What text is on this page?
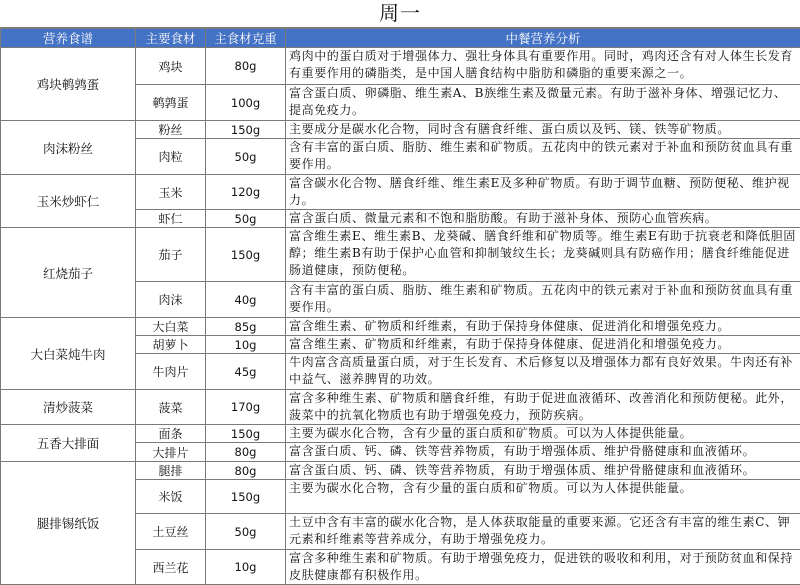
周一
营养食谱	主要食材	主食材克重	中餐营养分析
鸡块鹌鹑蛋	鸡块	80g	鸡肉中的蛋白质对于增强体力、强壮身体具有重要作用。同时，鸡肉还含有对人体生长发育有重要作用的磷脂类，是中国人膳食结构中脂肪和磷脂的重要来源之一。
	鹌鹑蛋	100g	富含蛋白质、卵磷脂、维生素A、B族维生素及微量元素。有助于滋补身体、增强记忆力、提高免疫力。
肉沫粉丝	粉丝	150g	主要成分是碳水化合物，同时含有膳食纤维、蛋白质以及钙、镁、铁等矿物质。
	肉粒	50g	含有丰富的蛋白质、脂肪、维生素和矿物质。五花肉中的铁元素对于补血和预防贫血具有重要作用。
玉米炒虾仁	玉米	120g	富含碳水化合物、膳食纤维、维生素E及多种矿物质。有助于调节血糖、预防便秘、维护视力。
	虾仁	50g	富含蛋白质、微量元素和不饱和脂肪酸。有助于滋补身体、预防心血管疾病。
红烧茄子	茄子	150g	富含维生素E、维生素B、龙葵碱、膳食纤维和矿物质等。维生素E有助于抗衰老和降低胆固醇；维生素B有助于保护心血管和抑制皱纹生长；龙葵碱则具有防癌作用；膳食纤维能促进肠道健康，预防便秘。
	肉沫	40g	含有丰富的蛋白质、脂肪、维生素和矿物质。五花肉中的铁元素对于补血和预防贫血具有重要作用。
大白菜炖牛肉	大白菜	85g	富含维生素、矿物质和纤维素，有助于保持身体健康、促进消化和增强免疫力。
	胡萝卜	10g	富含维生素、矿物质和纤维素，有助于保持身体健康、促进消化和增强免疫力。
	牛肉片	45g	牛肉富含高质量蛋白质，对于生长发育、术后修复以及增强体力都有良好效果。牛肉还有补中益气、滋养脾胃的功效。
清炒菠菜	菠菜	170g	富含多种维生素、矿物质和膳食纤维，有助于促进血液循环、改善消化和预防便秘。此外，菠菜中的抗氧化物质也有助于增强免疫力，预防疾病。
五香大排面	面条	150g	主要为碳水化合物，含有少量的蛋白质和矿物质。可以为人体提供能量。
	大排片	80g	富含蛋白质、钙、磷、铁等营养物质，有助于增强体质、维护骨骼健康和血液循环。
腿排锡纸饭	腿排	80g	富含蛋白质、钙、磷、铁等营养物质，有助于增强体质、维护骨骼健康和血液循环。
	米饭	150g	主要为碳水化合物，含有少量的蛋白质和矿物质。可以为人体提供能量。
	土豆丝	50g	土豆中含有丰富的碳水化合物，是人体获取能量的重要来源。它还含有丰富的维生素C、钾元素和纤维素等营养成分，有助于增强免疫力。
	西兰花	10g	富含多种维生素和矿物质。有助于增强免疫力，促进铁的吸收和利用，对于预防贫血和保持皮肤健康都有积极作用。
